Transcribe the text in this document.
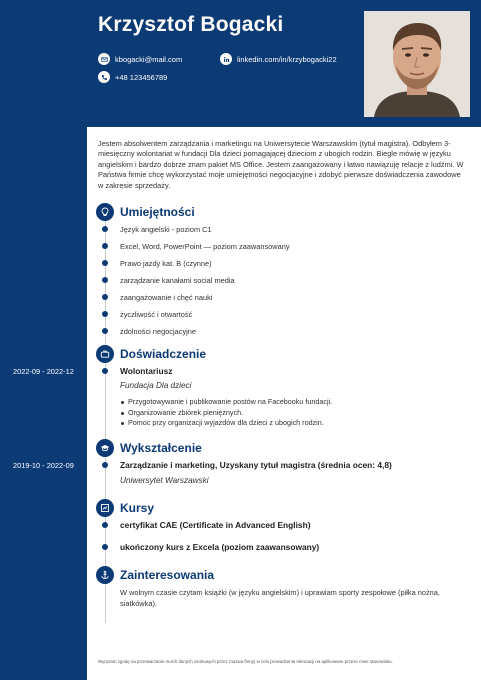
Krzysztof Bogacki
kbogacki@mail.com	linkedin.com/in/krzybogacki22
+48 123456789

Jestem absolwentem zarządzania i marketingu na Uniwersytecie Warszawskim (tytuł magistra). Odbyłem 3-miesięczny wolontariat w fundacji Dla dzieci pomagającej dzieciom z ubogich rodzin. Biegle mówię w języku angielskim i bardzo dobrze znam pakiet MS Office. Jestem zaangażowany i łatwo nawiązuję relacje z ludźmi. W Państwa firmie chcę wykorzystać moje umiejętności negocjacyjne i zdobyć pierwsze doświadczenia zawodowe w zakresie sprzedaży.

Umiejętności
Język angielski - poziom C1
Excel, Word, PowerPoint — poziom zaawansowany
Prawo jazdy kat. B (czynne)
zarządzanie kanałami social media
zaangażowanie i chęć nauki
życzliwość i otwartość
zdolności negocjacyjne
Doświadczenie
2022-09 - 2022-12	Wolontariusz
Fundacja Dla dzieci
Przygotowywanie i publikowanie postów na Facebooku fundacji.
Organizowanie zbiórek pieniężnych.
Pomoc przy organizacji wyjazdów dla dzieci z ubogich rodzin.
Wykształcenie
2019-10 - 2022-09	Zarządzanie i marketing, Uzyskany tytuł magistra (średnia ocen: 4,8)
Uniwersytet Warszawski
Kursy
certyfikat CAE (Certificate in Advanced English)
ukończony kurs z Excela (poziom zaawansowany)
Zainteresowania

W wolnym czasie czytam książki (w języku angielskim) i uprawiam sporty zespołowe (piłka nożna, siatkówka).

Wyrażam zgodę na przetwarzanie moich danych osobowych przez (nazwa firmy) w celu prowadzenia rekrutacji na aplikowane przeze mnie stanowisko.
